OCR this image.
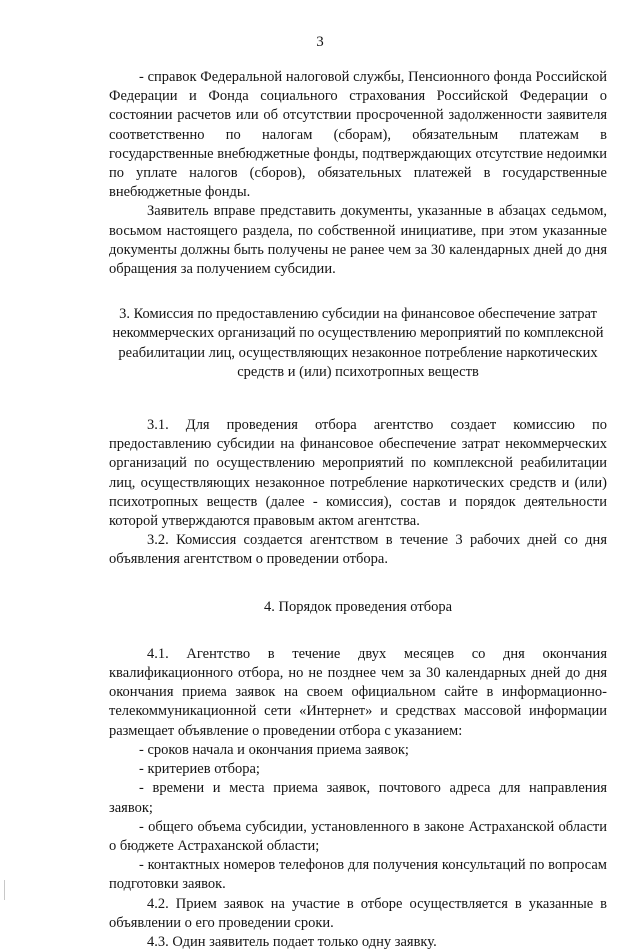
3

- справок Федеральной налоговой службы, Пенсионного фонда Российской Федерации и Фонда социального страхования Российской Федерации о состоянии расчетов или об отсутствии просроченной задолженности заявителя соответственно по налогам (сборам), обязательным платежам в государственные внебюджетные фонды, подтверждающих отсутствие недоимки по уплате налогов (сборов), обязательных платежей в государственные внебюджетные фонды.

Заявитель вправе представить документы, указанные в абзацах седьмом, восьмом настоящего раздела, по собственной инициативе, при этом указанные документы должны быть получены не ранее чем за 30 календарных дней до дня обращения за получением субсидии.

3. Комиссия по предоставлению субсидии на финансовое обеспечение затрат некоммерческих организаций по осуществлению мероприятий по комплексной реабилитации лиц, осуществляющих незаконное потребление наркотических средств и (или) психотропных веществ

3.1. Для проведения отбора агентство создает комиссию по предоставлению субсидии на финансовое обеспечение затрат некоммерческих организаций по осуществлению мероприятий по комплексной реабилитации лиц, осуществляющих незаконное потребление наркотических средств и (или) психотропных веществ (далее - комиссия), состав и порядок деятельности которой утверждаются правовым актом агентства.

3.2. Комиссия создается агентством в течение 3 рабочих дней со дня объявления агентством о проведении отбора.

4. Порядок проведения отбора

4.1. Агентство в течение двух месяцев со дня окончания квалификационного отбора, но не позднее чем за 30 календарных дней до дня окончания приема заявок на своем официальном сайте в информационно-телекоммуникационной сети «Интернет» и средствах массовой информации размещает объявление о проведении отбора с указанием:

- сроков начала и окончания приема заявок;

- критериев отбора;

- времени и места приема заявок, почтового адреса для направления заявок;

- общего объема субсидии, установленного в законе Астраханской области о бюджете Астраханской области;

- контактных номеров телефонов для получения консультаций по вопросам подготовки заявок.

4.2. Прием заявок на участие в отборе осуществляется в указанные в объявлении о его проведении сроки.

4.3. Один заявитель подает только одну заявку.
